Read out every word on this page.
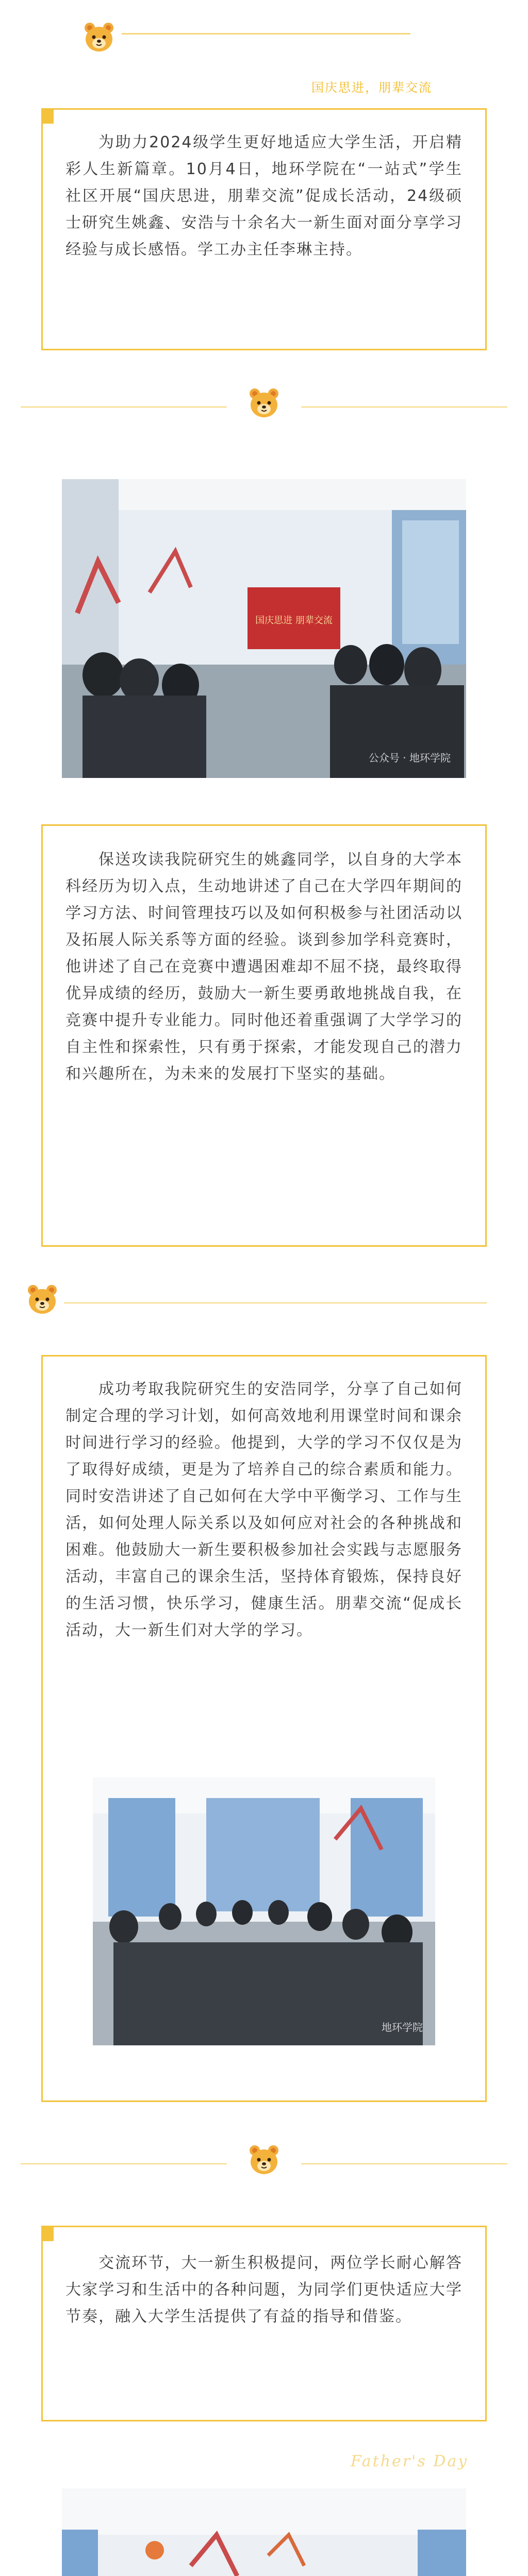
国庆思进，朋辈交流

为助力2024级学生更好地适应大学生活，开启精彩人生新篇章。10月4日，地环学院在“一站式”学生社区开展“国庆思进，朋辈交流”促成长活动，24级硕士研究生姚鑫、安浩与十余名大一新生面对面分享学习经验与成长感悟。学工办主任李琳主持。

国庆思进 朋辈交流
公众号 · 地环学院

保送攻读我院研究生的姚鑫同学，以自身的大学本科经历为切入点，生动地讲述了自己在大学四年期间的学习方法、时间管理技巧以及如何积极参与社团活动以及拓展人际关系等方面的经验。谈到参加学科竞赛时，他讲述了自己在竞赛中遭遇困难却不屈不挠，最终取得优异成绩的经历，鼓励大一新生要勇敢地挑战自我，在竞赛中提升专业能力。同时他还着重强调了大学学习的自主性和探索性，只有勇于探索，才能发现自己的潜力和兴趣所在，为未来的发展打下坚实的基础。

成功考取我院研究生的安浩同学，分享了自己如何制定合理的学习计划，如何高效地利用课堂时间和课余时间进行学习的经验。他提到，大学的学习不仅仅是为了取得好成绩，更是为了培养自己的综合素质和能力。同时安浩讲述了自己如何在大学中平衡学习、工作与生活，如何处理人际关系以及如何应对社会的各种挑战和困难。他鼓励大一新生要积极参加社会实践与志愿服务活动，丰富自己的课余生活，坚持体育锻炼，保持良好的生活习惯，快乐学习，健康生活。朋辈交流“促成长活动，大一新生们对大学的学习。

地环学院

交流环节，大一新生积极提问，两位学长耐心解答大家学习和生活中的各种问题，为同学们更快适应大学节奏，融入大学生活提供了有益的指导和借鉴。

Father's Day
